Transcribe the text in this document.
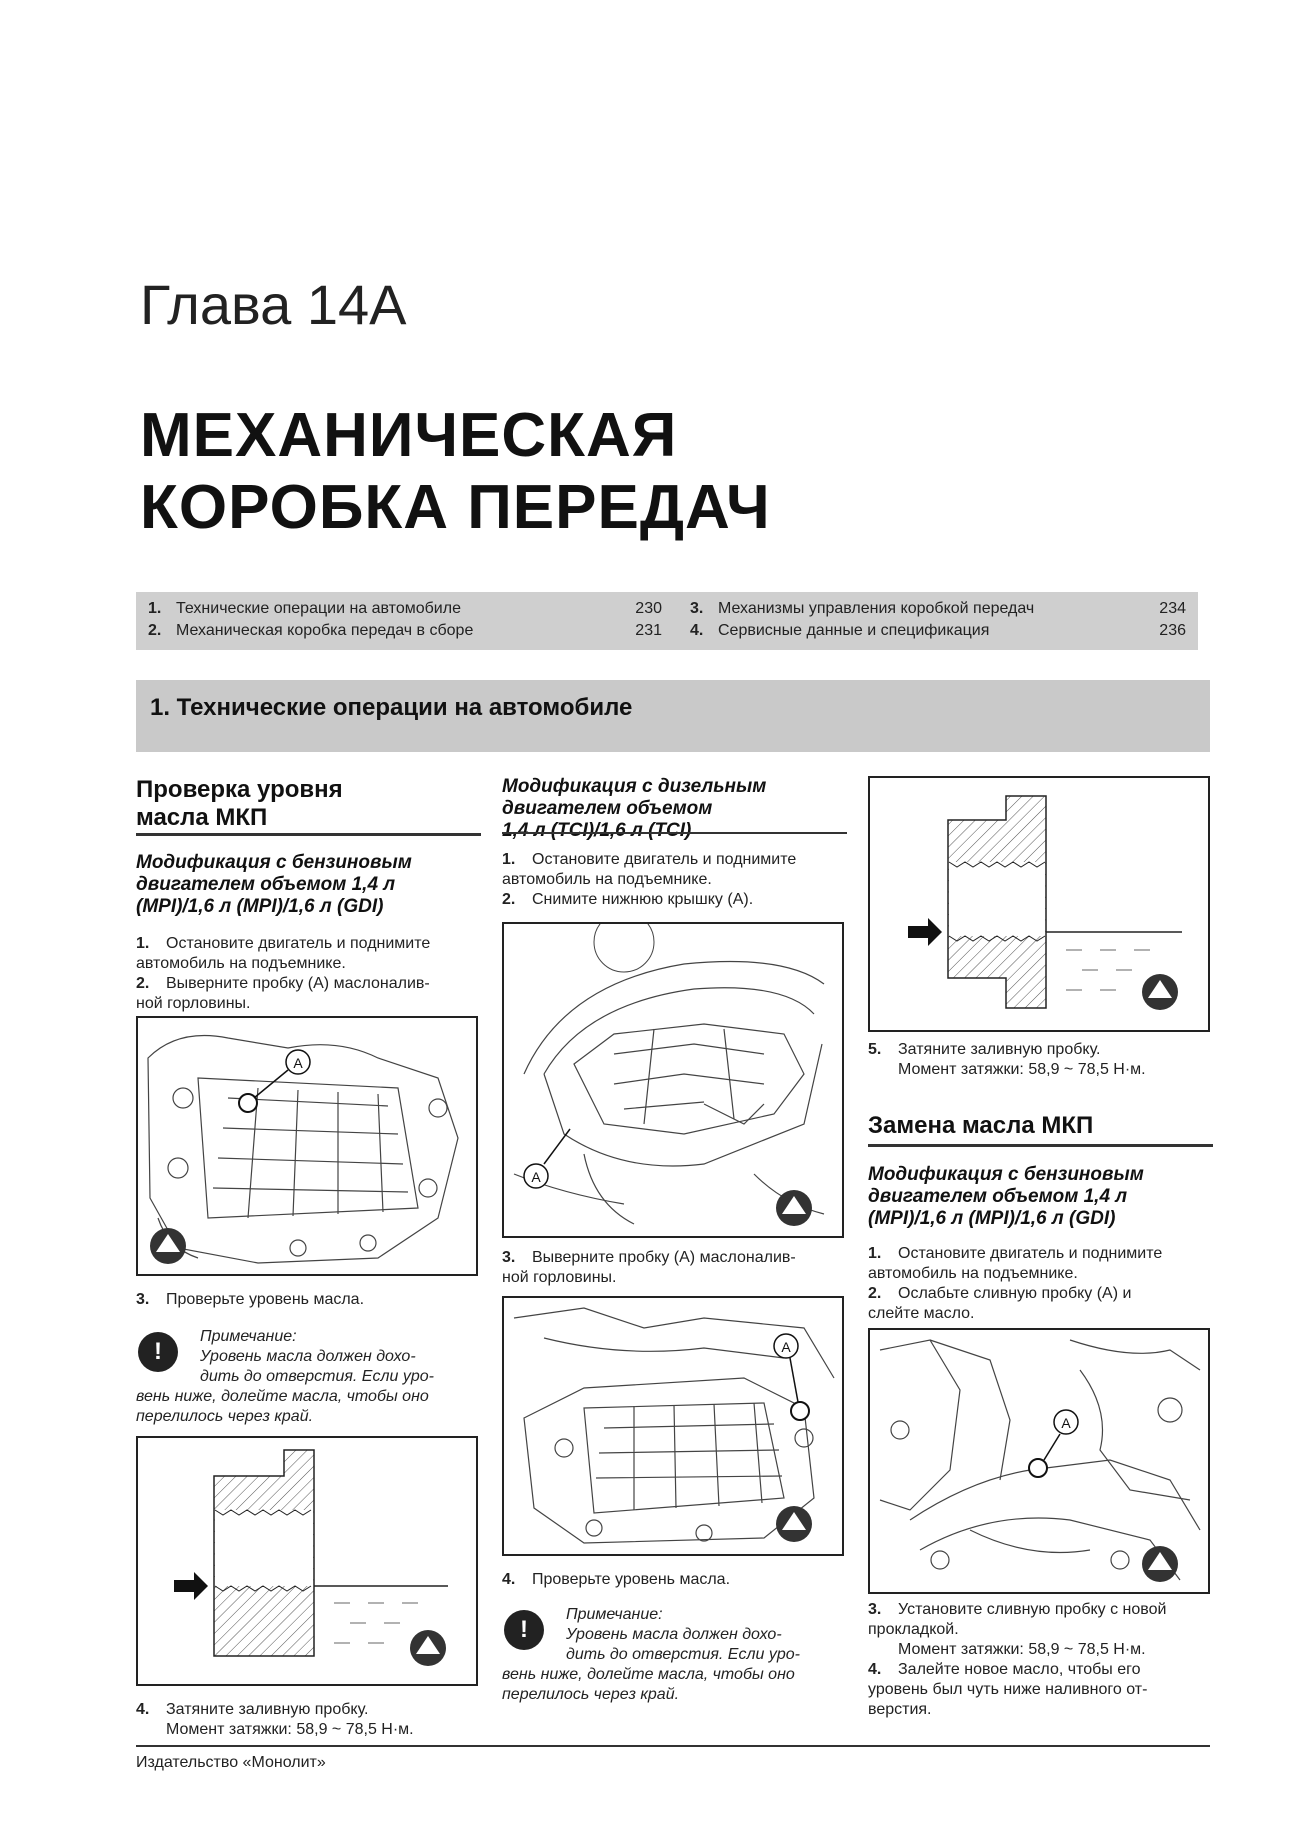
Глава 14А
МЕХАНИЧЕСКАЯ
КОРОБКА ПЕРЕДАЧ
1. Технические операции на автомобиле	230
2. Механическая коробка передач в сборе	231
3. Механизмы управления коробкой передач	234
4. Сервисные данные и спецификация	236
1. Технические операции на автомобиле
Проверка уровня
масла МКП
Модификация с бензиновым
двигателем объемом 1,4 л
(MPI)/1,6 л (MPI)/1,6 л (GDI)
1. Остановите двигатель и поднимите
автомобиль на подъемнике.
2. Выверните пробку (А) маслоналив-
ной горловины.
A
3. Проверьте уровень масла.
!
Примечание:
Уровень масла должен дохо-
дить до отверстия. Если уро-
вень ниже, долейте масла, чтобы оно
перелилось через край.
4. Затяните заливную пробку.
Момент затяжки: 58,9 ~ 78,5 Н·м.
Модификация с дизельным
двигателем объемом
1,4 л (TCI)/1,6 л (TCI)
1. Остановите двигатель и поднимите
автомобиль на подъемнике.
2. Снимите нижнюю крышку (А).
A
3. Выверните пробку (А) маслоналив-
ной горловины.
A
4. Проверьте уровень масла.
!
Примечание:
Уровень масла должен дохо-
дить до отверстия. Если уро-
вень ниже, долейте масла, чтобы оно
перелилось через край.
5. Затяните заливную пробку.
Момент затяжки: 58,9 ~ 78,5 Н·м.
Замена масла МКП
Модификация с бензиновым
двигателем объемом 1,4 л
(MPI)/1,6 л (MPI)/1,6 л (GDI)
1. Остановите двигатель и поднимите
автомобиль на подъемнике.
2. Ослабьте сливную пробку (А) и
слейте масло.
A
3. Установите сливную пробку с новой
прокладкой.
Момент затяжки: 58,9 ~ 78,5 Н·м.
4. Залейте новое масло, чтобы его
уровень был чуть ниже наливного от-
верстия.
Издательство «Монолит»
